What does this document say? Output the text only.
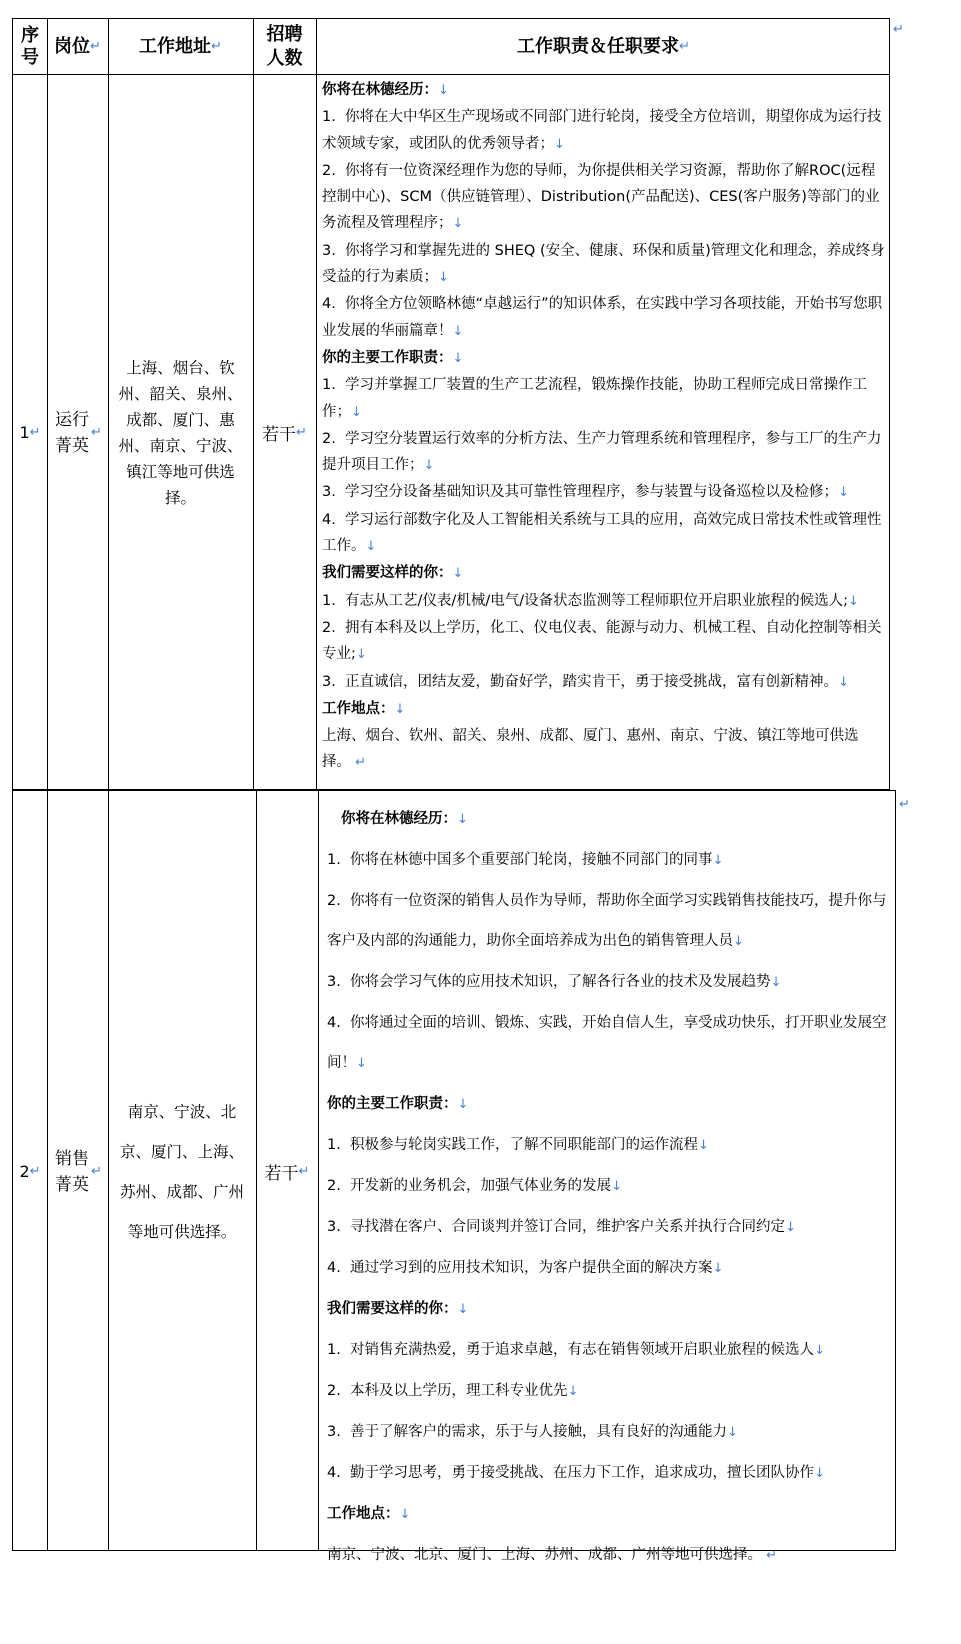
序号
岗位 ↵ 工作地址 ↵
招聘人数
工作职责＆任职要求 ↵
1 ↵
运行菁英
↵
上海、烟台、钦州、韶关、泉州、成都、厦门、惠州、南京、宁波、镇江等地可供选择。
若干 ↵

你将在林德经历：↓

1.  你将在大中华区生产现场或不同部门进行轮岗，接受全方位培训，期望你成为运行技术领域专家，或团队的优秀领导者；↓

2.  你将有一位资深经理作为您的导师，为你提供相关学习资源，帮助你了解ROC(远程控制中心)、SCM（供应链管理）、Distribution(产品配送)、CES(客户服务)等部门的业务流程及管理程序；↓

3.  你将学习和掌握先进的 SHEQ (安全、健康、环保和质量)管理文化和理念，养成终身受益的行为素质；↓

4.  你将全方位领略林德“卓越运行”的知识体系，在实践中学习各项技能，开始书写您职业发展的华丽篇章！↓

你的主要工作职责：↓

1.  学习并掌握工厂装置的生产工艺流程，锻炼操作技能，协助工程师完成日常操作工作；↓

2.  学习空分装置运行效率的分析方法、生产力管理系统和管理程序，参与工厂的生产力提升项目工作；↓

3.  学习空分设备基础知识及其可靠性管理程序，参与装置与设备巡检以及检修；↓

4.  学习运行部数字化及人工智能相关系统与工具的应用，高效完成日常技术性或管理性工作。↓

我们需要这样的你：↓

1.  有志从工艺/仪表/机械/电气/设备状态监测等工程师职位开启职业旅程的候选人;↓

2.  拥有本科及以上学历，化工、仪电仪表、能源与动力、机械工程、自动化控制等相关专业;↓

3.  正直诚信，团结友爱，勤奋好学，踏实肯干，勇于接受挑战，富有创新精神。↓

工作地点：↓

上海、烟台、钦州、韶关、泉州、成都、厦门、惠州、南京、宁波、镇江等地可供选择。 ↵

2 ↵
销售菁英
↵
南京、宁波、北京、厦门、上海、苏州、成都、广州等地可供选择。
若干 ↵

你将在林德经历：↓

1.  你将在林德中国多个重要部门轮岗，接触不同部门的同事↓

2.  你将有一位资深的销售人员作为导师，帮助你全面学习实践销售技能技巧，提升你与客户及内部的沟通能力，助你全面培养成为出色的销售管理人员↓

3.  你将会学习气体的应用技术知识，了解各行各业的技术及发展趋势↓

4.  你将通过全面的培训、锻炼、实践，开始自信人生，享受成功快乐，打开职业发展空间！↓

你的主要工作职责：↓

1.  积极参与轮岗实践工作，了解不同职能部门的运作流程↓

2.  开发新的业务机会，加强气体业务的发展↓

3.  寻找潜在客户、合同谈判并签订合同，维护客户关系并执行合同约定↓

4.  通过学习到的应用技术知识，为客户提供全面的解决方案↓

我们需要这样的你：↓

1.  对销售充满热爱，勇于追求卓越，有志在销售领域开启职业旅程的候选人↓

2.  本科及以上学历，理工科专业优先↓

3.  善于了解客户的需求，乐于与人接触，具有良好的沟通能力↓

4.  勤于学习思考，勇于接受挑战、在压力下工作，追求成功，擅长团队协作↓

工作地点：↓

南京、宁波、北京、厦门、上海、苏州、成都、广州等地可供选择。 ↵

↵
↵
